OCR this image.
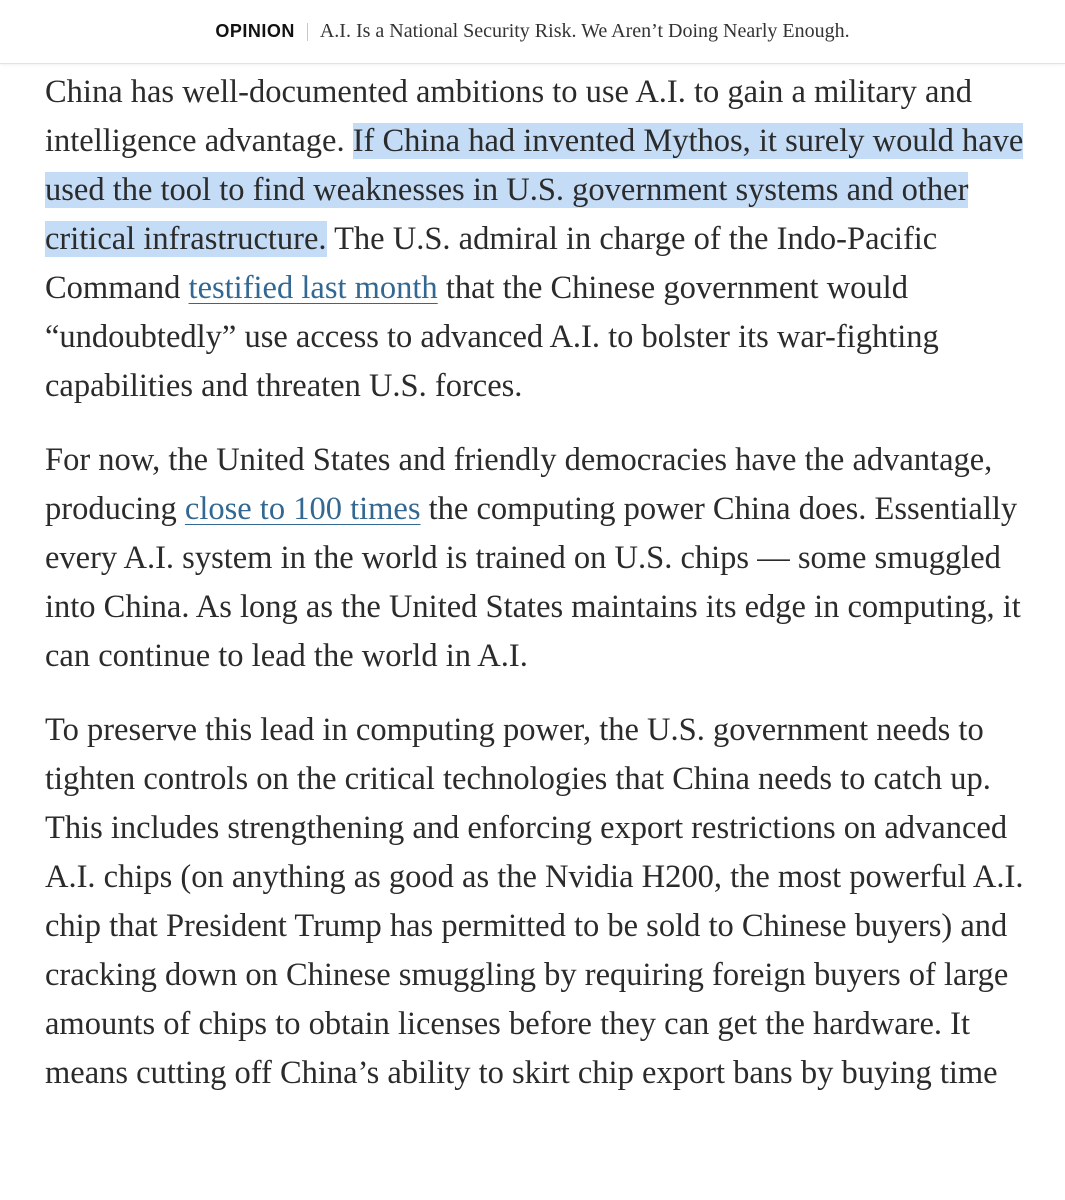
OPINION A.I. Is a National Security Risk. We Aren’t Doing Nearly Enough.

China has well-documented ambitions to use A.I. to gain a military and intelligence advantage. If China had invented Mythos, it surely would have used the tool to find weaknesses in U.S. government systems and other critical infrastructure. The U.S. admiral in charge of the Indo-Pacific Command testified last month that the Chinese government would “undoubtedly” use access to advanced A.I. to bolster its war-fighting capabilities and threaten U.S. forces.

For now, the United States and friendly democracies have the advantage, producing close to 100 times the computing power China does. Essentially every A.I. system in the world is trained on U.S. chips — some smuggled into China. As long as the United States maintains its edge in computing, it can continue to lead the world in A.I.

To preserve this lead in computing power, the U.S. government needs to tighten controls on the critical technologies that China needs to catch up. This includes strengthening and enforcing export restrictions on advanced A.I. chips (on anything as good as the Nvidia H200, the most powerful A.I. chip that President Trump has permitted to be sold to Chinese buyers) and cracking down on Chinese smuggling by requiring foreign buyers of large amounts of chips to obtain licenses before they can get the hardware. It means cutting off China’s ability to skirt chip export bans by buying time
